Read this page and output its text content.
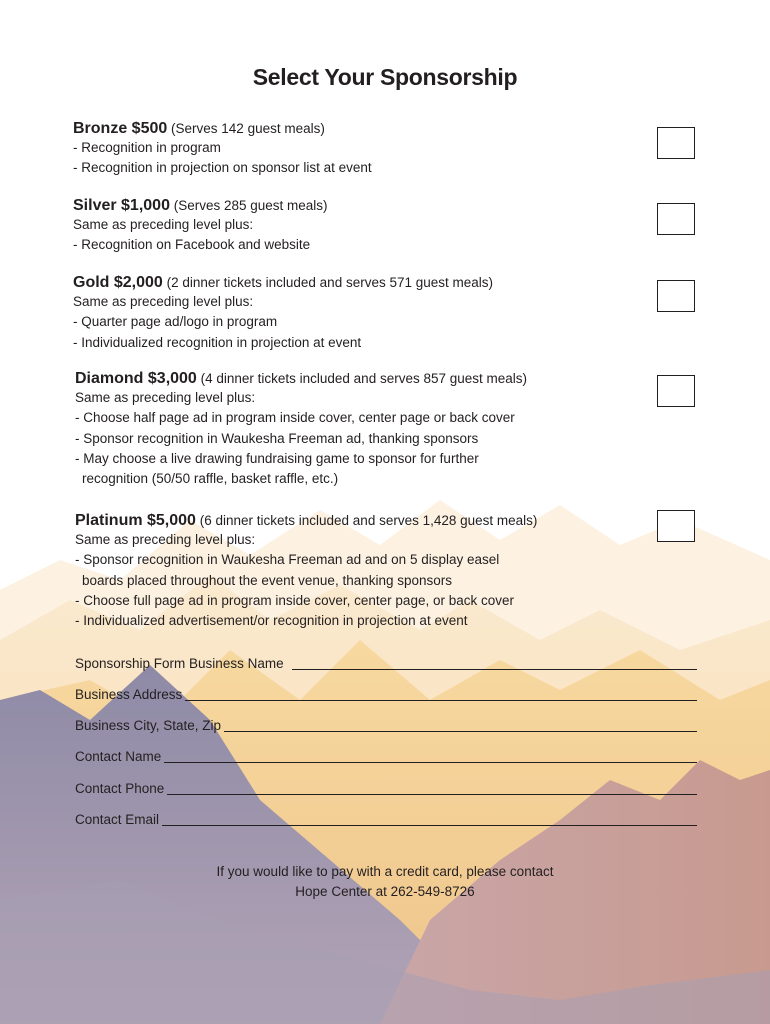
Select Your Sponsorship
Bronze $500 (Serves 142 guest meals)
- Recognition in program
- Recognition in projection on sponsor list at event
Silver $1,000 (Serves 285 guest meals)
Same as preceding level plus:
- Recognition on Facebook and website
Gold $2,000 (2 dinner tickets included and serves 571 guest meals)
Same as preceding level plus:
- Quarter page ad/logo in program
- Individualized recognition in projection at event
Diamond $3,000 (4 dinner tickets included and serves 857 guest meals)
Same as preceding level plus:
- Choose half page ad in program inside cover, center page or back cover
- Sponsor recognition in Waukesha Freeman ad, thanking sponsors
- May choose a live drawing fundraising game to sponsor for further
recognition (50/50 raffle, basket raffle, etc.)
Platinum $5,000 (6 dinner tickets included and serves 1,428 guest meals)
Same as preceding level plus:
- Sponsor recognition in Waukesha Freeman ad and on 5 display easel
boards placed throughout the event venue, thanking sponsors
- Choose full page ad in program inside cover, center page, or back cover
- Individualized advertisement/or recognition in projection at event
Sponsorship Form Business Name
Business Address
Business City, State, Zip
Contact Name
Contact Phone
Contact Email
If you would like to pay with a credit card, please contact
Hope Center at 262-549-8726
